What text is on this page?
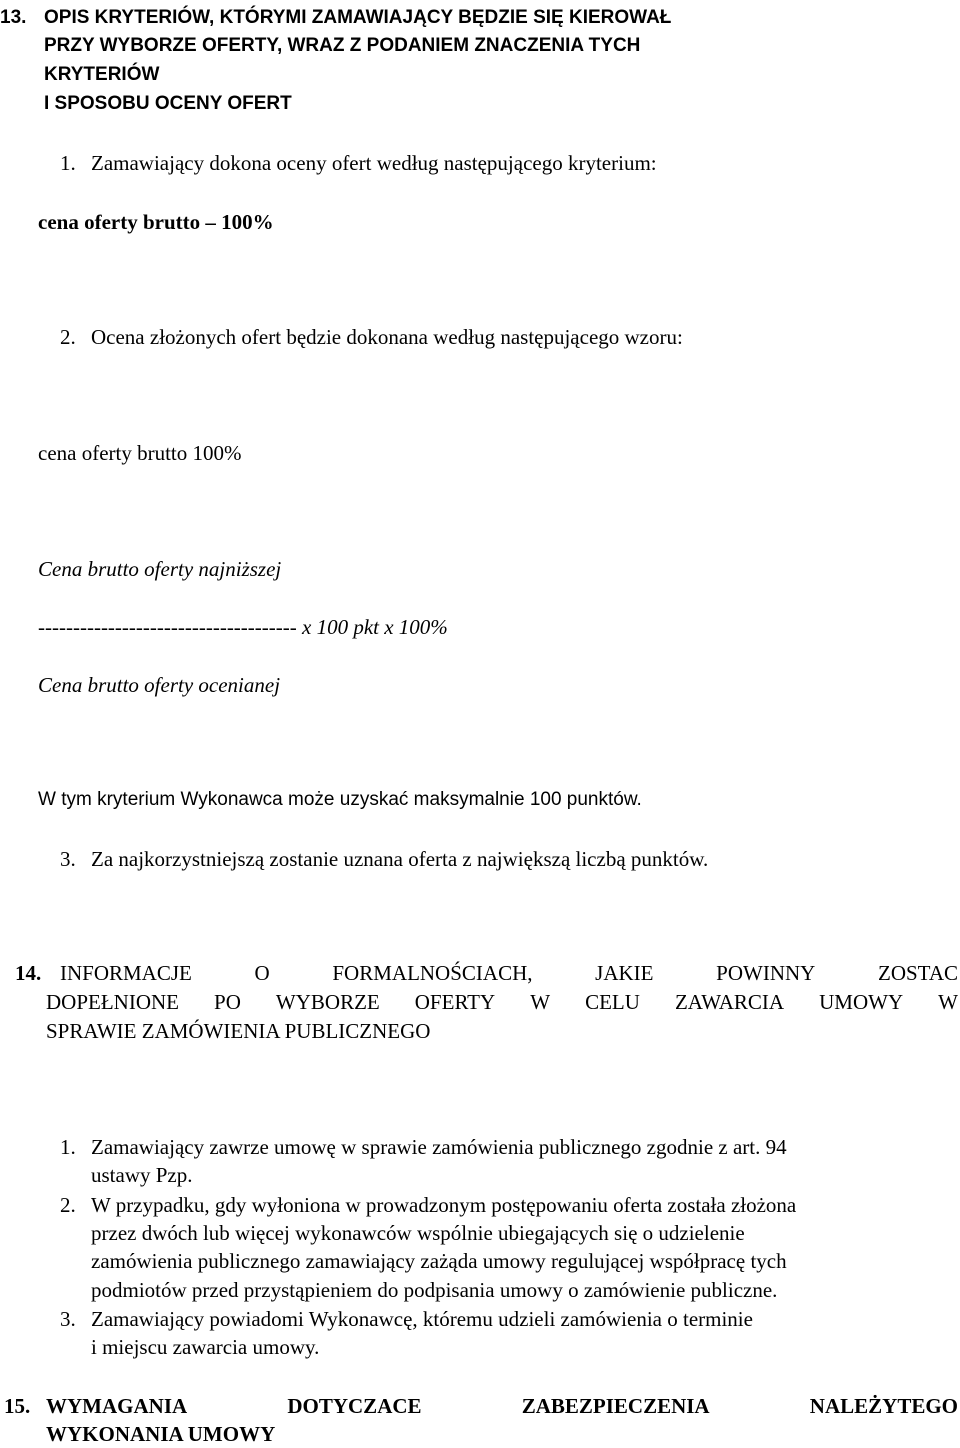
13. OPIS KRYTERIÓW, KTÓRYMI ZAMAWIAJĄCY BĘDZIE SIĘ KIEROWAŁ
PRZY WYBORZE OFERTY, WRAZ Z PODANIEM ZNACZENIA TYCH
KRYTERIÓW
I SPOSOBU OCENY OFERT
1. Zamawiający dokona oceny ofert według następującego kryterium:
cena oferty brutto – 100%
2. Ocena złożonych ofert będzie dokonana według następującego wzoru:
cena oferty brutto 100%
Cena brutto oferty najniższej
------------------------------------- x 100 pkt x 100%
Cena brutto oferty ocenianej
W tym kryterium Wykonawca może uzyskać maksymalnie 100 punktów.
3. Za najkorzystniejszą zostanie uznana oferta z największą liczbą punktów.
14. INFORMACJE	O	FORMALNOŚCIACH,	JAKIE	POWINNY	ZOSTAC
DOPEŁNIONE PO WYBORZE OFERTY W CELU ZAWARCIA UMOWY W
SPRAWIE ZAMÓWIENIA PUBLICZNEGO
1. Zamawiający zawrze umowę w sprawie zamówienia publicznego zgodnie z art. 94
ustawy Pzp.
2. W przypadku, gdy wyłoniona w prowadzonym postępowaniu oferta została złożona
przez dwóch lub więcej wykonawców wspólnie ubiegających się o udzielenie
zamówienia publicznego zamawiający zażąda umowy regulującej współpracę tych
podmiotów przed przystąpieniem do podpisania umowy o zamówienie publiczne.
3. Zamawiający powiadomi Wykonawcę, któremu udzieli zamówienia o terminie
i miejscu zawarcia umowy.
15. WYMAGANIA	DOTYCZACE	ZABEZPIECZENIA	NALEŻYTEGO
WYKONANIA UMOWY
